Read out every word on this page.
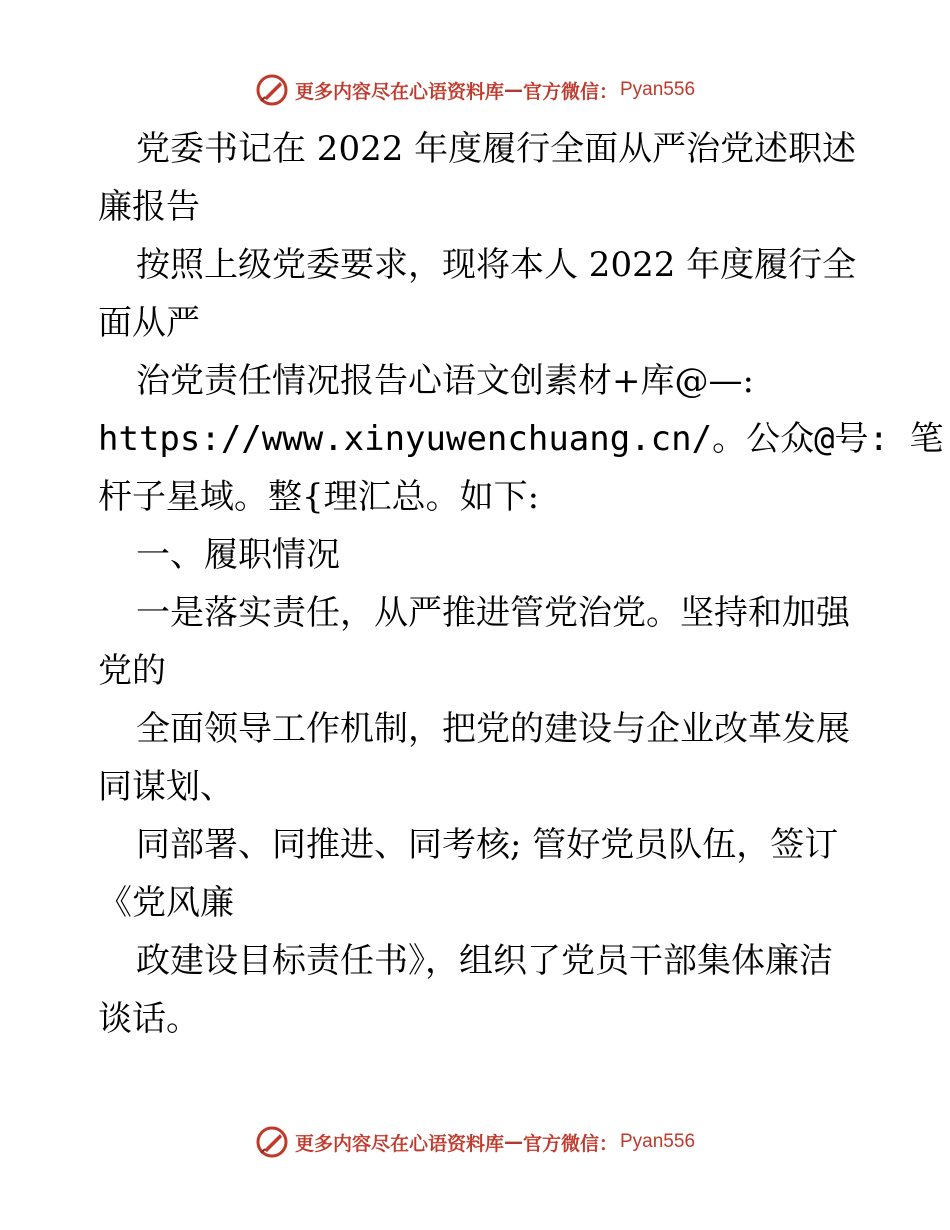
更多内容尽在心语资料库 — 官方微信： Pyan556
党委书记在 2022 年度履行全面从严治党述职述
廉报告
按照上级党委要求，现将本人 2022 年度履行全
面从严
治党责任情况报告心语文创素材+库@—:
https://www.xinyuwenchuang.cn/。公众@号: 笔
杆子星域。整{理汇总。如下:
一、履职情况
一是落实责任，从严推进管党治党。坚持和加强
党的
全面领导工作机制，把党的建设与企业改革发展
同谋划、
同部署、同推进、同考核; 管好党员队伍，签订
《党风廉
政建设目标责任书》，组织了党员干部集体廉洁
谈话。
更多内容尽在心语资料库 — 官方微信： Pyan556
